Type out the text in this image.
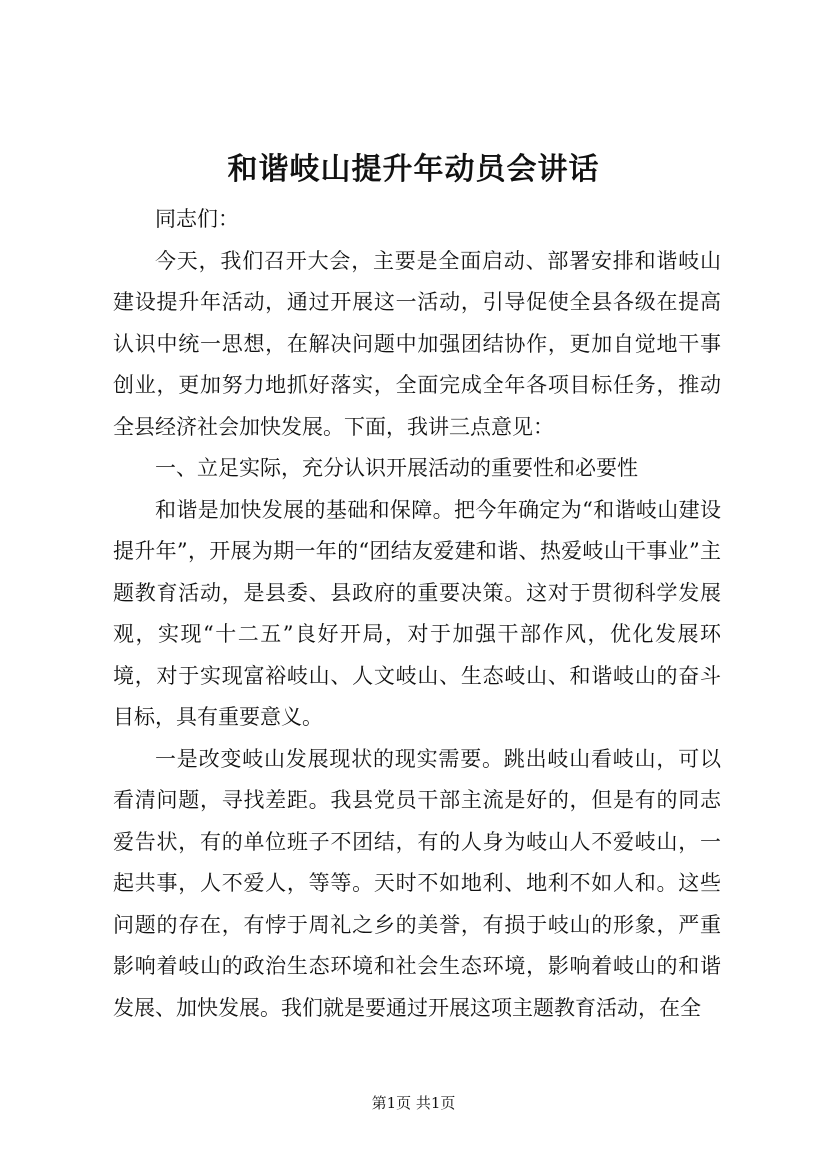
和谐岐山提升年动员会讲话

同志们：

今天，我们召开大会，主要是全面启动、部署安排和谐岐山建设提升年活动，通过开展这一活动，引导促使全县各级在提高认识中统一思想，在解决问题中加强团结协作，更加自觉地干事创业，更加努力地抓好落实，全面完成全年各项目标任务，推动全县经济社会加快发展。下面，我讲三点意见：

一、立足实际，充分认识开展活动的重要性和必要性

和谐是加快发展的基础和保障。把今年确定为“和谐岐山建设提升年”，开展为期一年的“团结友爱建和谐、热爱岐山干事业”主题教育活动，是县委、县政府的重要决策。这对于贯彻科学发展观，实现“十二五”良好开局，对于加强干部作风，优化发展环境，对于实现富裕岐山、人文岐山、生态岐山、和谐岐山的奋斗目标，具有重要意义。

一是改变岐山发展现状的现实需要。跳出岐山看岐山，可以看清问题，寻找差距。我县党员干部主流是好的，但是有的同志爱告状，有的单位班子不团结，有的人身为岐山人不爱岐山，一起共事，人不爱人，等等。天时不如地利、地利不如人和。这些问题的存在，有悖于周礼之乡的美誉，有损于岐山的形象，严重影响着岐山的政治生态环境和社会生态环境，影响着岐山的和谐发展、加快发展。我们就是要通过开展这项主题教育活动，在全

第1页 共1页
